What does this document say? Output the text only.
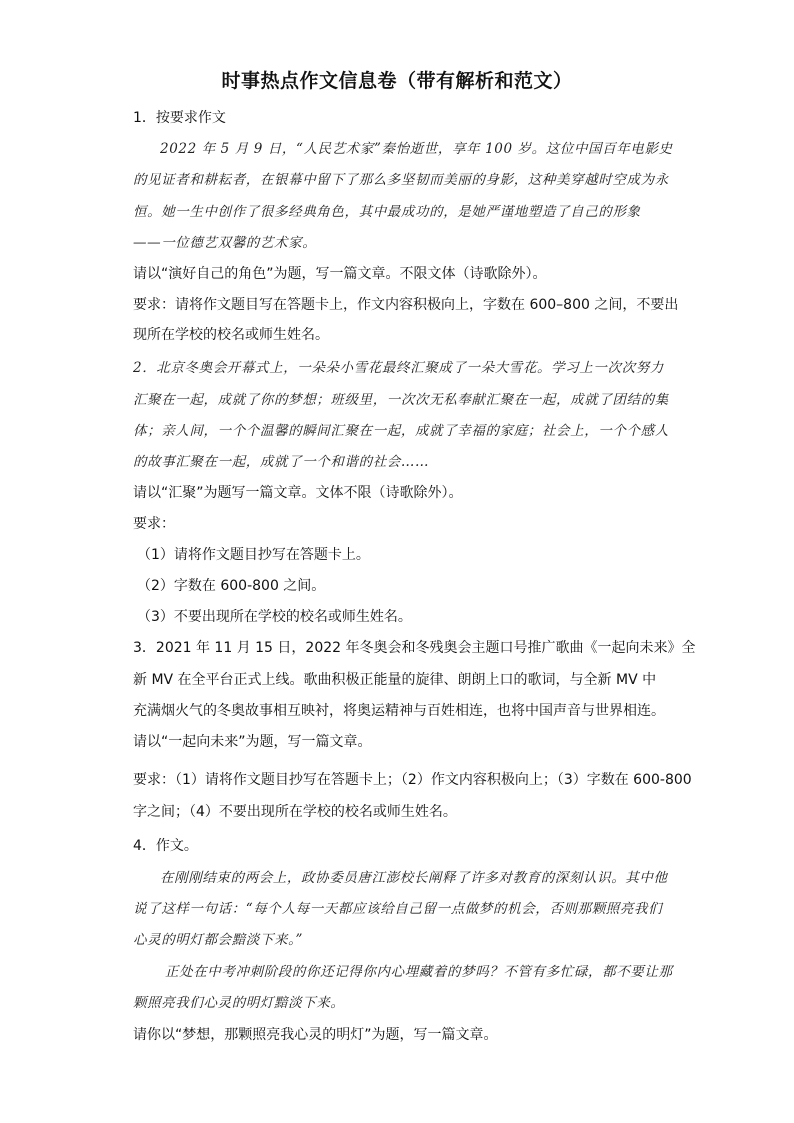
时事热点作文信息卷（带有解析和范文）
1．按要求作文
2022 年 5 月 9 日，“人民艺术家”秦怡逝世，享年 100 岁。这位中国百年电影史
的见证者和耕耘者，在银幕中留下了那么多坚韧而美丽的身影，这种美穿越时空成为永
恒。她一生中创作了很多经典角色，其中最成功的，是她严谨地塑造了自己的形象
——一位德艺双馨的艺术家。
请以“演好自己的角色”为题，写一篇文章。不限文体（诗歌除外）。
要求：请将作文题目写在答题卡上，作文内容积极向上，字数在 600–800 之间，不要出
现所在学校的校名或师生姓名。
2．北京冬奥会开幕式上，一朵朵小雪花最终汇聚成了一朵大雪花。学习上一次次努力
汇聚在一起，成就了你的梦想；班级里，一次次无私奉献汇聚在一起，成就了团结的集
体；亲人间，一个个温馨的瞬间汇聚在一起，成就了幸福的家庭；社会上，一个个感人
的故事汇聚在一起，成就了一个和谐的社会……
请以“汇聚”为题写一篇文章。文体不限（诗歌除外）。
要求：
（1）请将作文题目抄写在答题卡上。
（2）字数在 600-800 之间。
（3）不要出现所在学校的校名或师生姓名。
3．2021 年 11 月 15 日，2022 年冬奥会和冬残奥会主题口号推广歌曲《一起向未来》全
新 MV 在全平台正式上线。歌曲积极正能量的旋律、朗朗上口的歌词，与全新 MV 中
充满烟火气的冬奥故事相互映衬，将奥运精神与百姓相连，也将中国声音与世界相连。
请以“一起向未来”为题，写一篇文章。
要求：（1）请将作文题目抄写在答题卡上；（2）作文内容积极向上；（3）字数在 600-800
字之间；（4）不要出现所在学校的校名或师生姓名。
4．作文。
在刚刚结束的两会上，政协委员唐江澎校长阐释了许多对教育的深刻认识。其中他
说了这样一句话：“每个人每一天都应该给自己留一点做梦的机会，否则那颗照亮我们
心灵的明灯都会黯淡下来。”
正处在中考冲刺阶段的你还记得你内心埋藏着的梦吗？不管有多忙碌，都不要让那
颗照亮我们心灵的明灯黯淡下来。
请你以“梦想，那颗照亮我心灵的明灯”为题，写一篇文章。
